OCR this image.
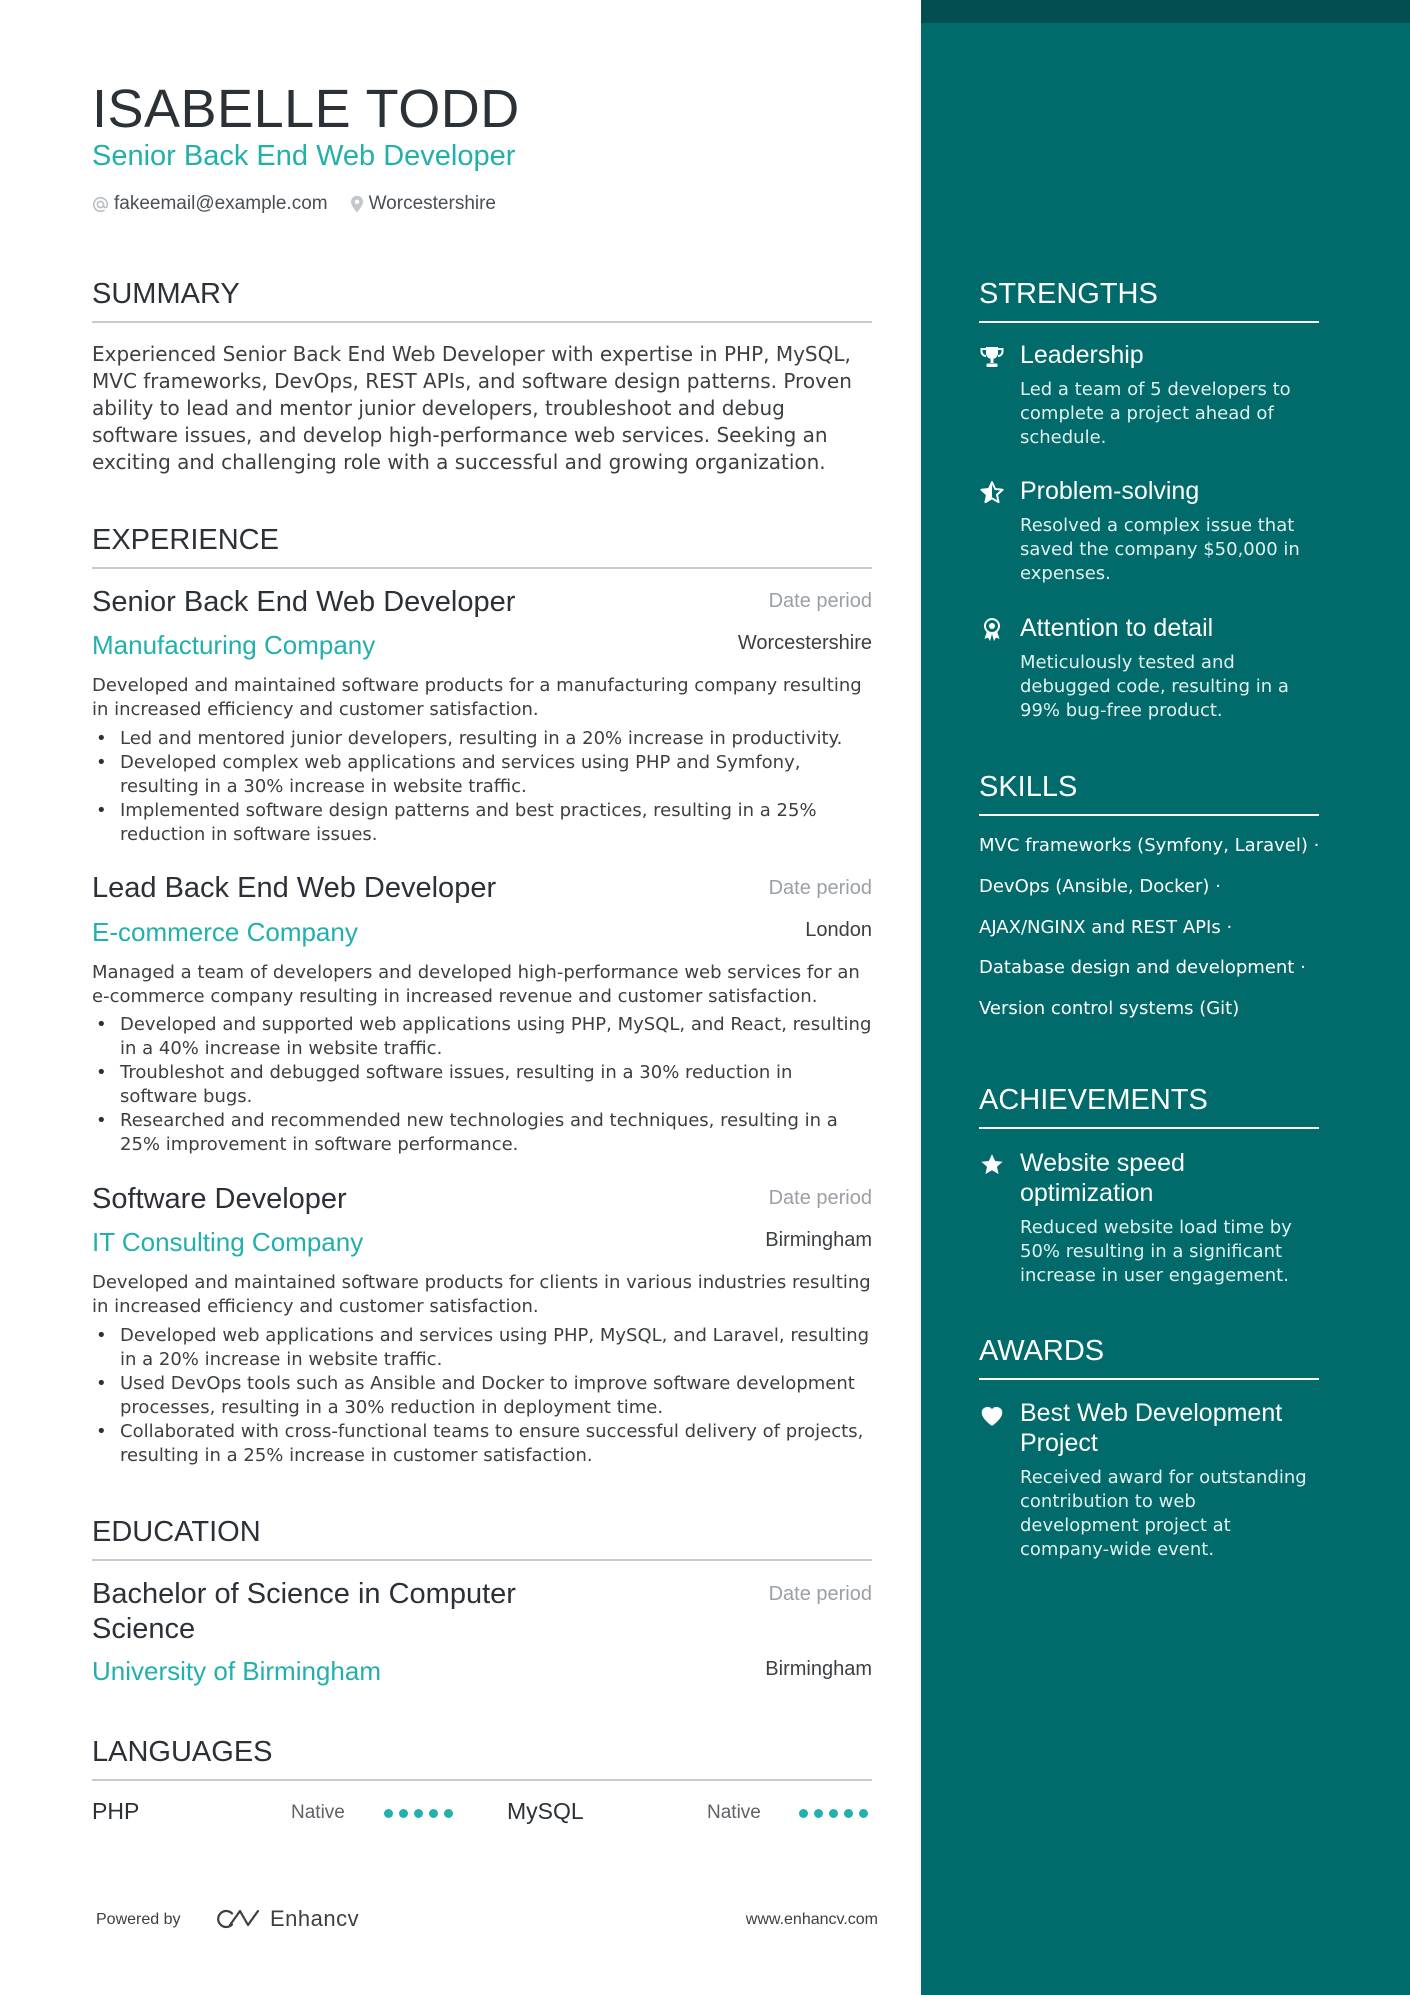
ISABELLE TODD
Senior Back End Web Developer
fakeemail@example.com Worcestershire
SUMMARY
Experienced Senior Back End Web Developer with expertise in PHP, MySQL, MVC frameworks, DevOps, REST APIs, and software design patterns. Proven ability to lead and mentor junior developers, troubleshoot and debug software issues, and develop high-performance web services. Seeking an exciting and challenging role with a successful and growing organization.
EXPERIENCE
Senior Back End Web Developer	Date period
Manufacturing Company	Worcestershire
Developed and maintained software products for a manufacturing company resulting in increased efficiency and customer satisfaction.
• Led and mentored junior developers, resulting in a 20% increase in productivity.
• Developed complex web applications and services using PHP and Symfony, resulting in a 30% increase in website traffic.
• Implemented software design patterns and best practices, resulting in a 25% reduction in software issues.
Lead Back End Web Developer	Date period
E-commerce Company	London
Managed a team of developers and developed high-performance web services for an e-commerce company resulting in increased revenue and customer satisfaction.
• Developed and supported web applications using PHP, MySQL, and React, resulting in a 40% increase in website traffic.
• Troubleshot and debugged software issues, resulting in a 30% reduction in software bugs.
• Researched and recommended new technologies and techniques, resulting in a 25% improvement in software performance.
Software Developer	Date period
IT Consulting Company	Birmingham
Developed and maintained software products for clients in various industries resulting in increased efficiency and customer satisfaction.
• Developed web applications and services using PHP, MySQL, and Laravel, resulting in a 20% increase in website traffic.
• Used DevOps tools such as Ansible and Docker to improve software development processes, resulting in a 30% reduction in deployment time.
• Collaborated with cross-functional teams to ensure successful delivery of projects, resulting in a 25% increase in customer satisfaction.
EDUCATION
Bachelor of Science in Computer Science
Date period
University of Birmingham	Birmingham
LANGUAGES
PHP	Native	MySQL	Native
Powered by	Enhancv	www.enhancv.com
STRENGTHS
Leadership
Led a team of 5 developers to complete a project ahead of schedule.
Problem-solving
Resolved a complex issue that saved the company $50,000 in expenses.
Attention to detail
Meticulously tested and debugged code, resulting in a 99% bug-free product.
SKILLS
MVC frameworks (Symfony, Laravel) ·
DevOps (Ansible, Docker) ·
AJAX/NGINX and REST APIs ·
Database design and development ·
Version control systems (Git)
ACHIEVEMENTS
Website speed optimization
Reduced website load time by 50% resulting in a significant increase in user engagement.
AWARDS
Best Web Development Project
Received award for outstanding contribution to web development project at company-wide event.
